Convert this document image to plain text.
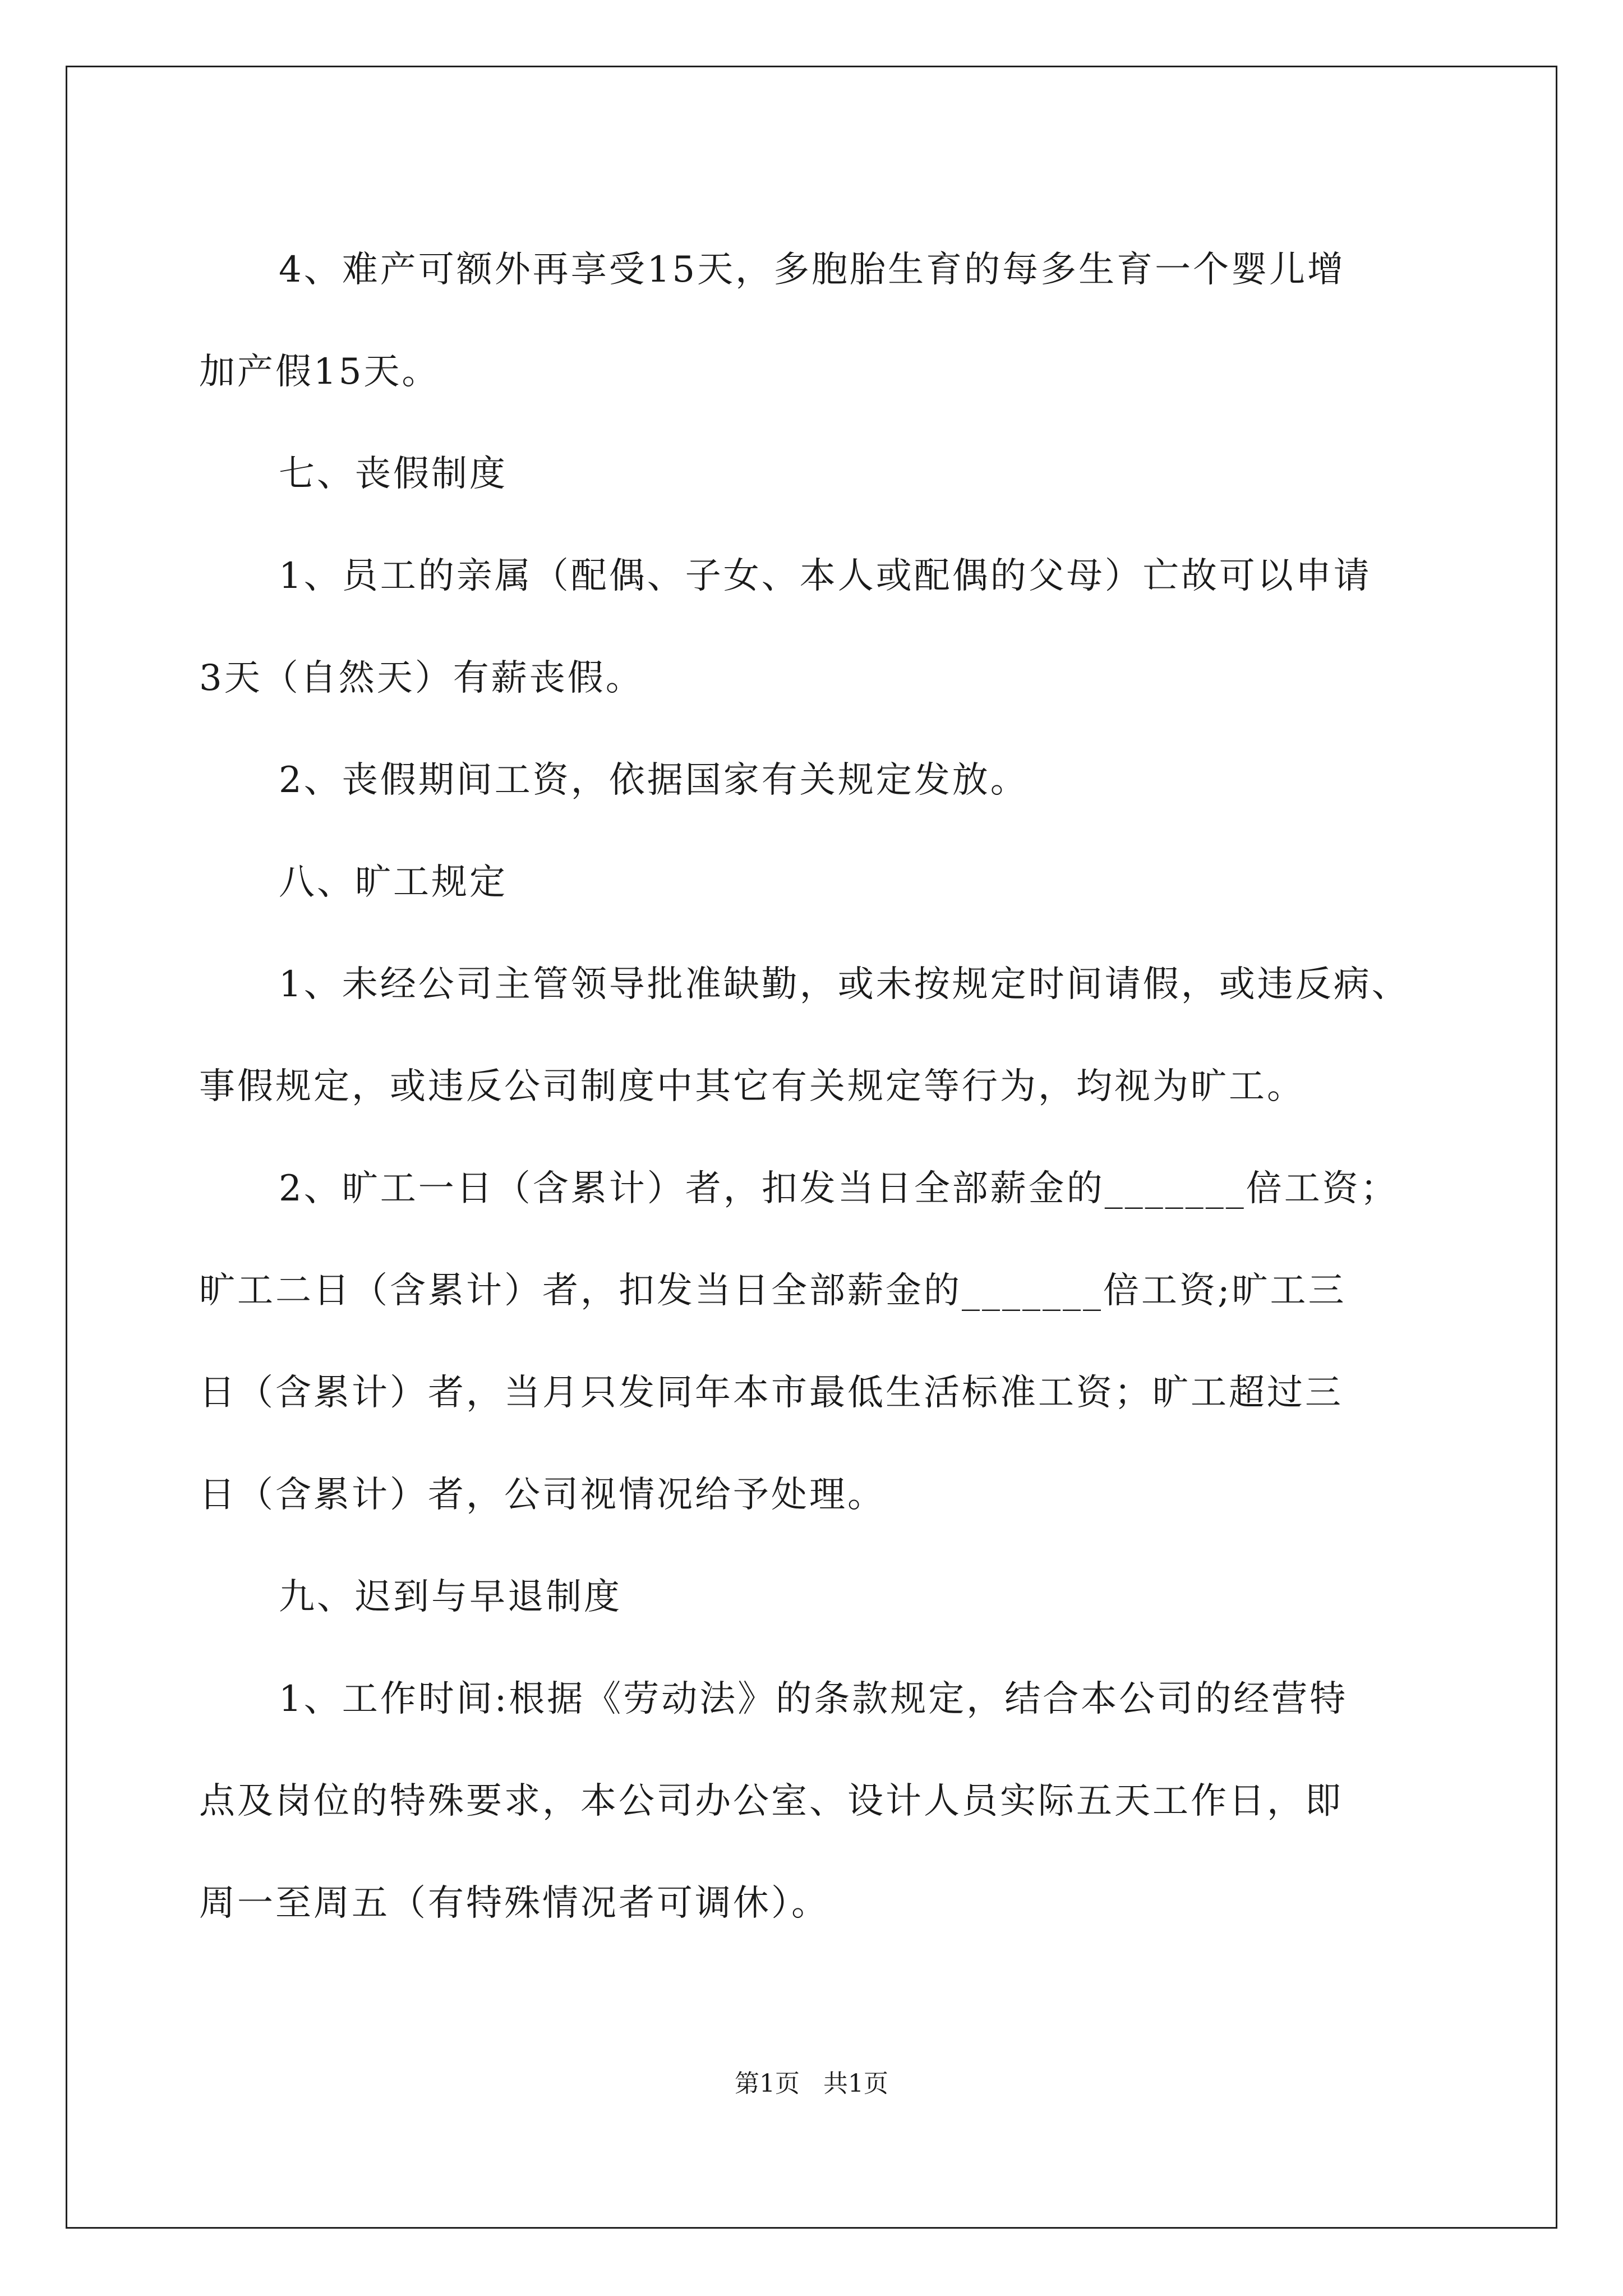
4、难产可额外再享受15天，多胞胎生育的每多生育一个婴儿增

加产假15天。

七、丧假制度

1、员工的亲属（配偶、子女、本人或配偶的父母）亡故可以申请

3天（自然天）有薪丧假。

2、丧假期间工资，依据国家有关规定发放。

八、旷工规定

1、未经公司主管领导批准缺勤，或未按规定时间请假，或违反病、

事假规定，或违反公司制度中其它有关规定等行为，均视为旷工。

2、旷工一日（含累计）者，扣发当日全部薪金的_______倍工资；

旷工二日（含累计）者，扣发当日全部薪金的_______倍工资;旷工三

日（含累计）者，当月只发同年本市最低生活标准工资；旷工超过三

日（含累计）者，公司视情况给予处理。

九、迟到与早退制度

1、工作时间:根据《劳动法》的条款规定，结合本公司的经营特

点及岗位的特殊要求，本公司办公室、设计人员实际五天工作日，即

周一至周五（有特殊情况者可调休）。

第1页   共1页
